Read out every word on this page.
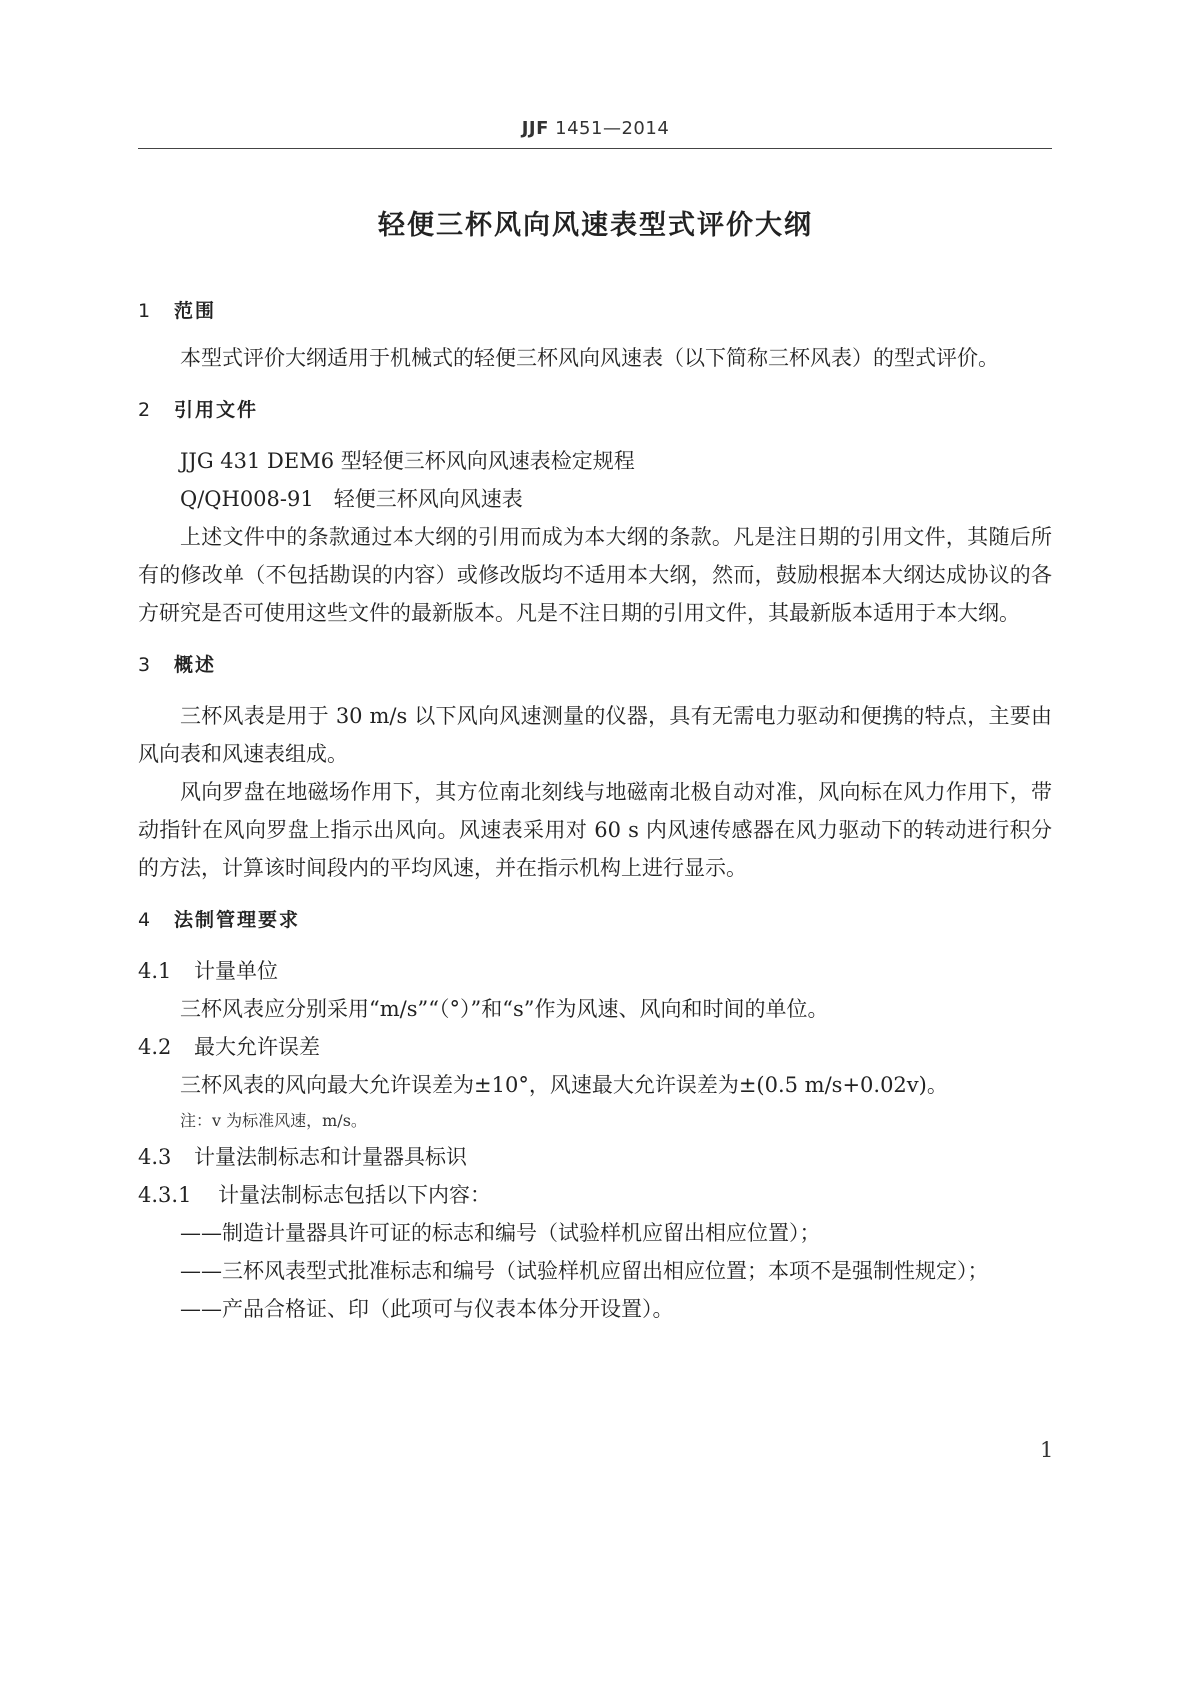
JJF 1451—2014
轻便三杯风向风速表型式评价大纲
1 范围
本型式评价大纲适用于机械式的轻便三杯风向风速表（以下简称三杯风表）的型式评价。
2 引用文件
JJG 431 DEM6 型轻便三杯风向风速表检定规程
Q/QH008-91 轻便三杯风向风速表
上述文件中的条款通过本大纲的引用而成为本大纲的条款。凡是注日期的引用文件，其随后所有的修改单（不包括勘误的内容）或修改版均不适用本大纲，然而，鼓励根据本大纲达成协议的各方研究是否可使用这些文件的最新版本。凡是不注日期的引用文件，其最新版本适用于本大纲。
3 概述
三杯风表是用于 30 m/s 以下风向风速测量的仪器，具有无需电力驱动和便携的特点，主要由风向表和风速表组成。
风向罗盘在地磁场作用下，其方位南北刻线与地磁南北极自动对准，风向标在风力作用下，带动指针在风向罗盘上指示出风向。风速表采用对 60 s 内风速传感器在风力驱动下的转动进行积分的方法，计算该时间段内的平均风速，并在指示机构上进行显示。
4 法制管理要求
4.1 计量单位
三杯风表应分别采用“m/s”“（°）”和“s”作为风速、风向和时间的单位。
4.2 最大允许误差
三杯风表的风向最大允许误差为±10°，风速最大允许误差为±(0.5 m/s+0.02v)。
注：v 为标准风速，m/s。
4.3 计量法制标志和计量器具标识
4.3.1 计量法制标志包括以下内容：
——制造计量器具许可证的标志和编号（试验样机应留出相应位置）；
——三杯风表型式批准标志和编号（试验样机应留出相应位置；本项不是强制性规定）；
——产品合格证、印（此项可与仪表本体分开设置）。
1
